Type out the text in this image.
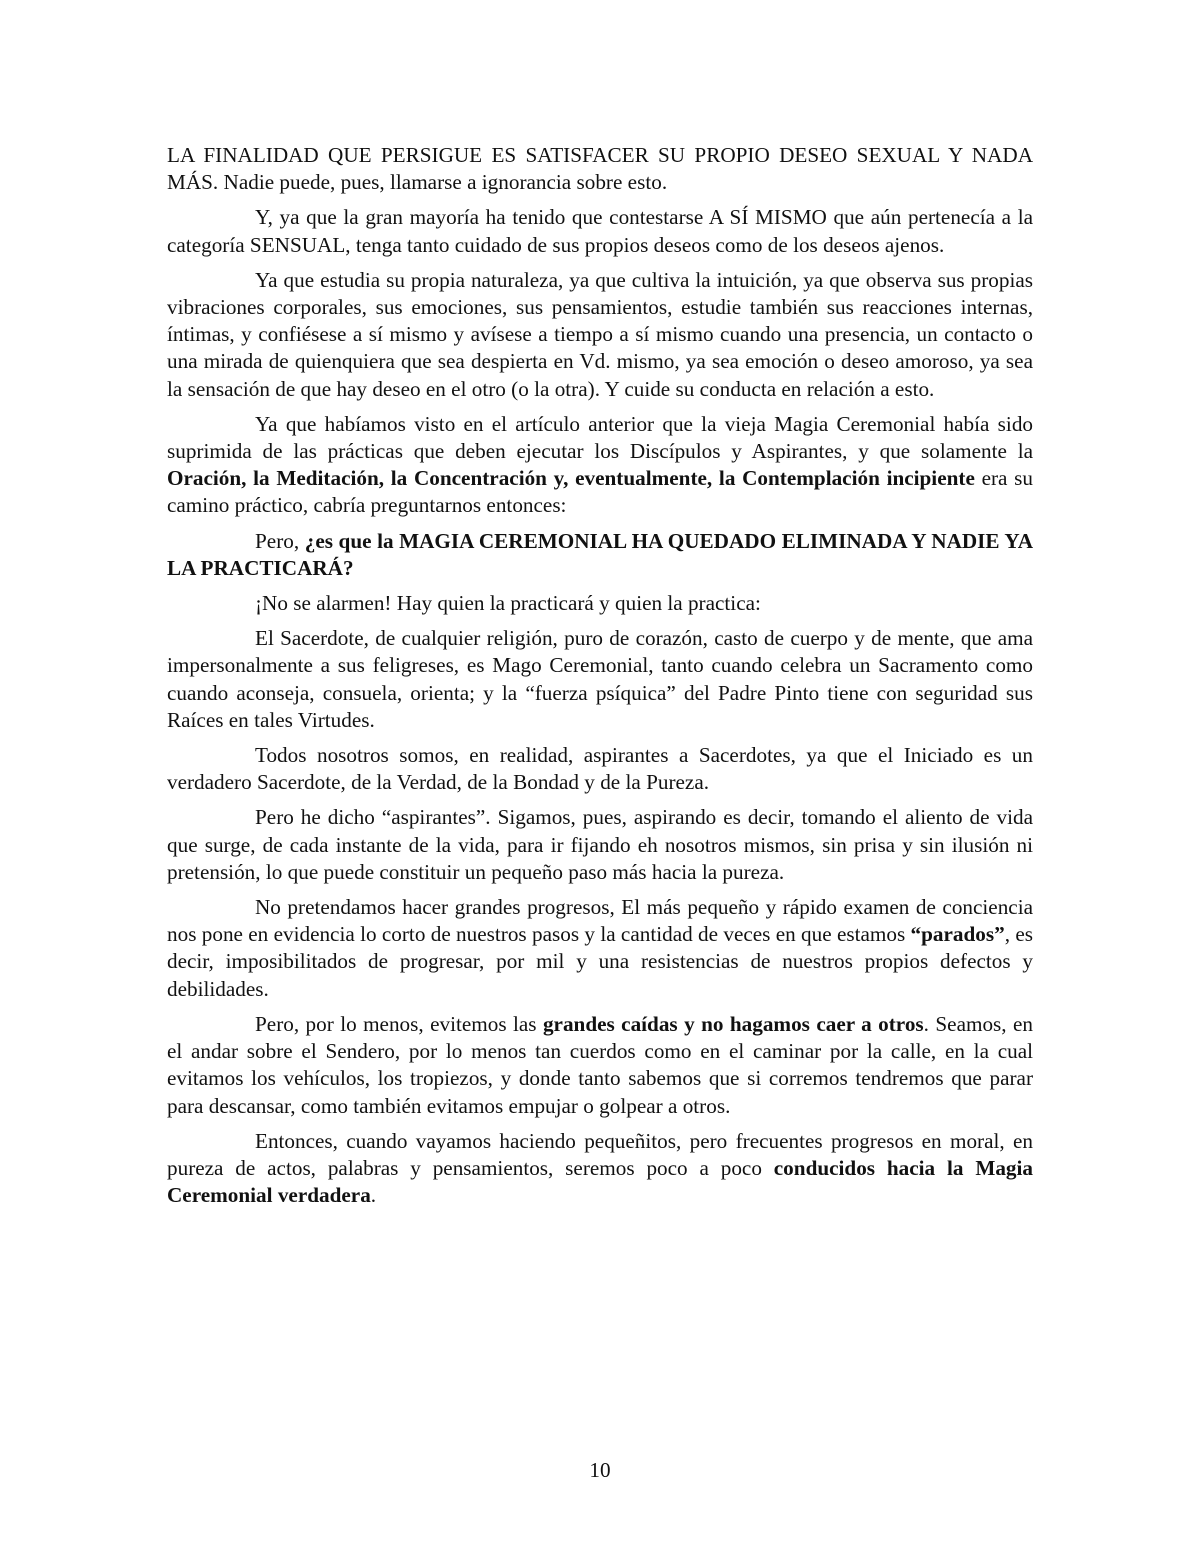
LA FINALIDAD QUE PERSIGUE ES SATISFACER SU PROPIO DESEO SEXUAL Y NADA MÁS. Nadie puede, pues, llamarse a ignorancia sobre esto.

Y, ya que la gran mayoría ha tenido que contestarse A SÍ MISMO que aún pertenecía a la categoría SENSUAL, tenga tanto cuidado de sus propios deseos como de los deseos ajenos.

Ya que estudia su propia naturaleza, ya que cultiva la intuición, ya que observa sus propias vibraciones corporales, sus emociones, sus pensamientos, estudie también sus reacciones internas, íntimas, y confiésese a sí mismo y avísese a tiempo a sí mismo cuando una presencia, un contacto o una mirada de quienquiera que sea despierta en Vd. mismo, ya sea emoción o deseo amoroso, ya sea la sensación de que hay deseo en el otro (o la otra). Y cuide su conducta en relación a esto.

Ya que habíamos visto en el artículo anterior que la vieja Magia Ceremonial había sido suprimida de las prácticas que deben ejecutar los Discípulos y Aspirantes, y que solamente la Oración, la Meditación, la Concentración y, eventualmente, la Contemplación incipiente era su camino práctico, cabría preguntarnos entonces:

Pero, ¿es que la MAGIA CEREMONIAL HA QUEDADO ELIMINADA Y NADIE YA LA PRACTICARÁ?

¡No se alarmen! Hay quien la practicará y quien la practica:

El Sacerdote, de cualquier religión, puro de corazón, casto de cuerpo y de mente, que ama impersonalmente a sus feligreses, es Mago Ceremonial, tanto cuando celebra un Sacramento como cuando aconseja, consuela, orienta; y la “fuerza psíquica” del Padre Pinto tiene con seguridad sus Raíces en tales Virtudes.

Todos nosotros somos, en realidad, aspirantes a Sacerdotes, ya que el Iniciado es un verdadero Sacerdote, de la Verdad, de la Bondad y de la Pureza.

Pero he dicho “aspirantes”. Sigamos, pues, aspirando es decir, tomando el aliento de vida que surge, de cada instante de la vida, para ir fijando eh nosotros mismos, sin prisa y sin ilusión ni pretensión, lo que puede constituir un pequeño paso más hacia la pureza.

No pretendamos hacer grandes progresos, El más pequeño y rápido examen de conciencia nos pone en evidencia lo corto de nuestros pasos y la cantidad de veces en que estamos “parados”, es decir, imposibilitados de progresar, por mil y una resistencias de nuestros propios defectos y debilidades.

Pero, por lo menos, evitemos las grandes caídas y no hagamos caer a otros. Seamos, en el andar sobre el Sendero, por lo menos tan cuerdos como en el caminar por la calle, en la cual evitamos los vehículos, los tropiezos, y donde tanto sabemos que si corremos tendremos que parar para descansar, como también evitamos empujar o golpear a otros.

Entonces, cuando vayamos haciendo pequeñitos, pero frecuentes progresos en moral, en pureza de actos, palabras y pensamientos, seremos poco a poco conducidos hacia la Magia Ceremonial verdadera.

10
